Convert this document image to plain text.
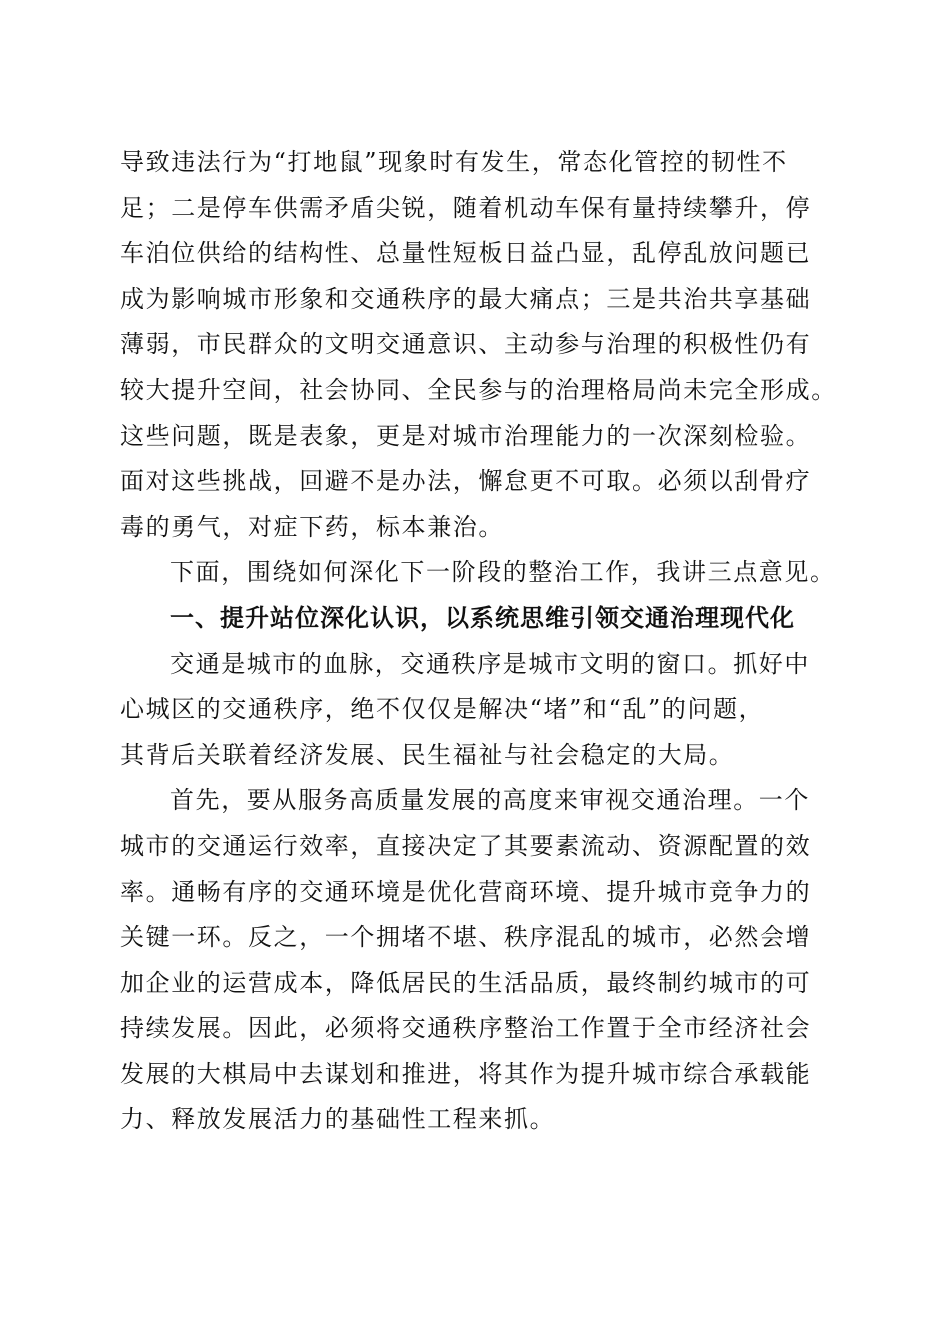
导致违法行为“打地鼠”现象时有发生，常态化管控的韧性不
足；二是停车供需矛盾尖锐，随着机动车保有量持续攀升，停
车泊位供给的结构性、总量性短板日益凸显，乱停乱放问题已
成为影响城市形象和交通秩序的最大痛点；三是共治共享基础
薄弱，市民群众的文明交通意识、主动参与治理的积极性仍有
较大提升空间，社会协同、全民参与的治理格局尚未完全形成。
这些问题，既是表象，更是对城市治理能力的一次深刻检验。
面对这些挑战，回避不是办法，懈怠更不可取。必须以刮骨疗
毒的勇气，对症下药，标本兼治。
下面，围绕如何深化下一阶段的整治工作，我讲三点意见。
一、提升站位深化认识，以系统思维引领交通治理现代化
交通是城市的血脉，交通秩序是城市文明的窗口。抓好中
心城区的交通秩序，绝不仅仅是解决“堵”和“乱”的问题，
其背后关联着经济发展、民生福祉与社会稳定的大局。
首先，要从服务高质量发展的高度来审视交通治理。一个
城市的交通运行效率，直接决定了其要素流动、资源配置的效
率。通畅有序的交通环境是优化营商环境、提升城市竞争力的
关键一环。反之，一个拥堵不堪、秩序混乱的城市，必然会增
加企业的运营成本，降低居民的生活品质，最终制约城市的可
持续发展。因此，必须将交通秩序整治工作置于全市经济社会
发展的大棋局中去谋划和推进，将其作为提升城市综合承载能
力、释放发展活力的基础性工程来抓。
